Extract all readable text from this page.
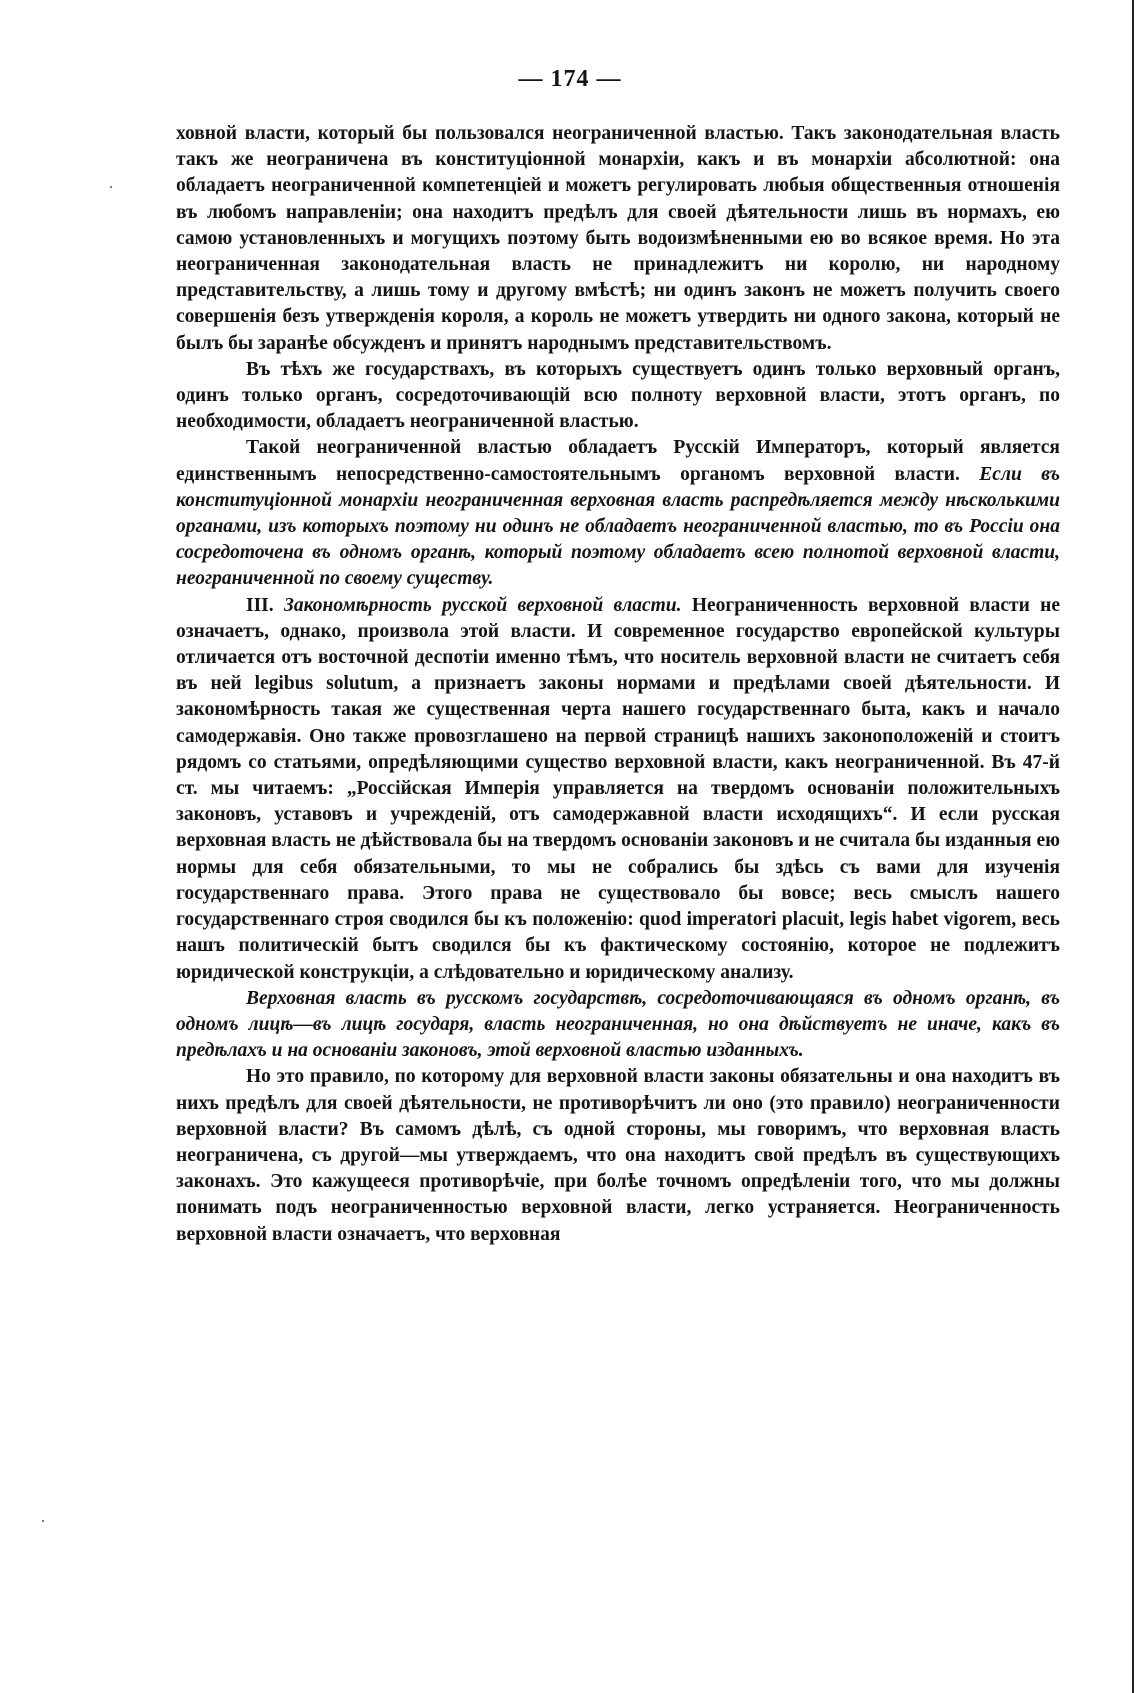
— 174 —

ховной власти, который бы пользовался неограниченной властью. Такъ законодательная власть такъ же неограничена въ конституціонной монархіи, какъ и въ монархіи абсолютной: она обладаетъ неограниченной компетенціей и можетъ регулировать любыя общественныя отношенія въ любомъ направленіи; она находитъ предѣлъ для своей дѣятельности лишь въ нормахъ, ею самою установленныхъ и могущихъ поэтому быть водоизмѣненными ею во всякое время. Но эта неограниченная законодательная власть не принадлежитъ ни королю, ни народному представительству, а лишь тому и другому вмѣстѣ; ни одинъ законъ не можетъ получить своего совершенія безъ утвержденія короля, а король не можетъ утвердить ни одного закона, который не былъ бы заранѣе обсужденъ и принятъ народнымъ представительствомъ.

Въ тѣхъ же государствахъ, въ которыхъ существуетъ одинъ только верховный органъ, одинъ только органъ, сосредоточивающій всю полноту верховной власти, этотъ органъ, по необходимости, обладаетъ неограниченной властью.

Такой неограниченной властью обладаетъ Русскій Императоръ, который является единственнымъ непосредственно-самостоятельнымъ органомъ верховной власти. Если въ конституціонной монархіи неограниченная верховная власть распредѣляется между нѣсколькими органами, изъ которыхъ поэтому ни одинъ не обладаетъ неограниченной властью, то въ Россіи она сосредоточена въ одномъ органѣ, который поэтому обладаетъ всею полнотой верховной власти, неограниченной по своему существу.

III. Закономѣрность русской верховной власти. Неограниченность верховной власти не означаетъ, однако, произвола этой власти. И современное государство европейской культуры отличается отъ восточной деспотіи именно тѣмъ, что носитель верховной власти не считаетъ себя въ ней legibus solutum, а признаетъ законы нормами и предѣлами своей дѣятельности. И закономѣрность такая же существенная черта нашего государственнаго быта, какъ и начало самодержавія. Оно также провозглашено на первой страницѣ нашихъ законоположеній и стоитъ рядомъ со статьями, опредѣляющими существо верховной власти, какъ неограниченной. Въ 47-й ст. мы читаемъ: „Россійская Имперія управляется на твердомъ основаніи положительныхъ законовъ, уставовъ и учрежденій, отъ самодержавной власти исходящихъ“. И если русская верховная власть не дѣйствовала бы на твердомъ основаніи законовъ и не считала бы изданныя ею нормы для себя обязательными, то мы не собрались бы здѣсь съ вами для изученія государственнаго права. Этого права не существовало бы вовсе; весь смыслъ нашего государственнаго строя сводился бы къ положенію: quod imperatori placuit, legis habet vigorem, весь нашъ политическій бытъ сводился бы къ фактическому состоянію, которое не подлежитъ юридической конструкціи, а слѣдовательно и юридическому анализу.

Верховная власть въ русскомъ государствѣ, сосредоточивающаяся въ одномъ органѣ, въ одномъ лицѣ—въ лицѣ государя, власть неограниченная, но она дѣйствуетъ не иначе, какъ въ предѣлахъ и на основаніи законовъ, этой верховной властью изданныхъ.

Но это правило, по которому для верховной власти законы обязательны и она находитъ въ нихъ предѣлъ для своей дѣятельности, не противорѣчитъ ли оно (это правило) неограниченности верховной власти? Въ самомъ дѣлѣ, съ одной стороны, мы говоримъ, что верховная власть неограничена, съ другой—мы утверждаемъ, что она находитъ свой предѣлъ въ существующихъ законахъ. Это кажущееся противорѣчіе, при болѣе точномъ опредѣленіи того, что мы должны понимать подъ неограниченностью верховной власти, легко устраняется. Неограниченность верховной власти означаетъ, что верховная
